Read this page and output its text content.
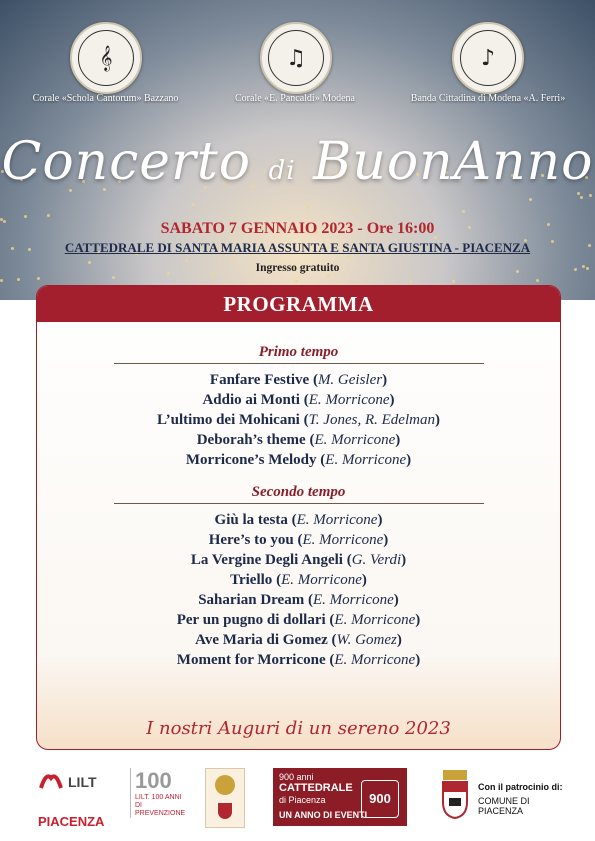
𝄞	♫	♪
Corale «Schola Cantorum» Bazzano	Corale «E. Pancaldi» Modena	Banda Cittadina di Modena «A. Ferri»
Concerto di BuonAnno
SABATO 7 GENNAIO 2023 - Ore 16:00
CATTEDRALE DI SANTA MARIA ASSUNTA E SANTA GIUSTINA - PIACENZA
Ingresso gratuito
PROGRAMMA
Primo tempo
Fanfare Festive (M. Geisler)
Addio ai Monti (E. Morricone)
L’ultimo dei Mohicani (T. Jones, R. Edelman)
Deborah’s theme (E. Morricone)
Morricone’s Melody (E. Morricone)
Secondo tempo
Giù la testa (E. Morricone)
Here’s to you (E. Morricone)
La Vergine Degli Angeli (G. Verdi)
Triello (E. Morricone)
Saharian Dream (E. Morricone)
Per un pugno di dollari (E. Morricone)
Ave Maria di Gomez (W. Gomez)
Moment for Morricone (E. Morricone)
I nostri Auguri di un sereno 2023
LILT
PIACENZA
100
LILT. 100 ANNI DI PREVENZIONE
900 anni
CATTEDRALE
di Piacenza
UN ANNO DI EVENTI
900
Con il patrocinio di:
COMUNE DI PIACENZA
